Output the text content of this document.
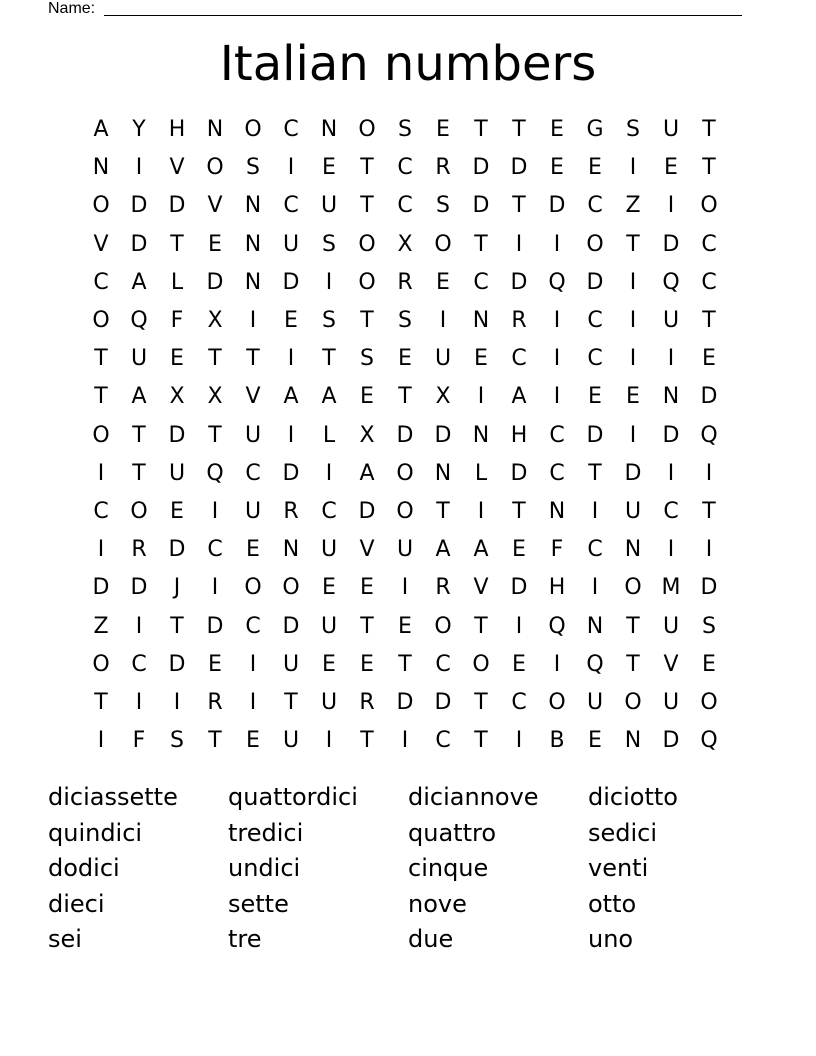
Name:
Italian numbers
A	Y	H N O C	N O	S	E	T	T	E	G	S	U	T
N	I	V O	S	I	E	T	C	R D D	E	E	I	E	T
O D D	V	N	C	U	T	C	S	D	T	D C	Z	I	O
V D	T	E	N U	S	O X O	T	I	I	O	T	D C
C	A	L	D N D	I	O R	E	C D Q D	I	Q C
O Q	F	X	I	E	S	T	S	I	N	R	I	C	I	U	T
T	U	E	T	T	I	T	S	E	U	E	C	I	C	I	I	E
T	A	X	X	V	A	A	E	T	X	I	A	I	E	E	N D
O	T	D	T	U	I	L	X D D N H	C D	I	D Q
I	T	U Q C D	I	A O N	L	D C	T	D	I	I
C O	E	I	U	R	C D O	T	I	T	N	I	U	C	T
I	R D C	E	N U	V	U	A	A	E	F	C	N	I	I
D D	J	I	O O	E	E	I	R	V D H	I	O M D
Z	I	T	D C D U	T	E	O	T	I	Q N	T	U	S
O C D	E	I	U	E	E	T	C O	E	I	Q	T	V	E
T	I	I	R	I	T	U	R D D	T	C O U O U O
I	F	S	T	E	U	I	T	I	C	T	I	B	E	N D Q
diciassette	quattordici	diciannove	diciotto
quindici	tredici	quattro	sedici
dodici	undici	cinque	venti
dieci	sette	nove	otto
sei	tre	due	uno
